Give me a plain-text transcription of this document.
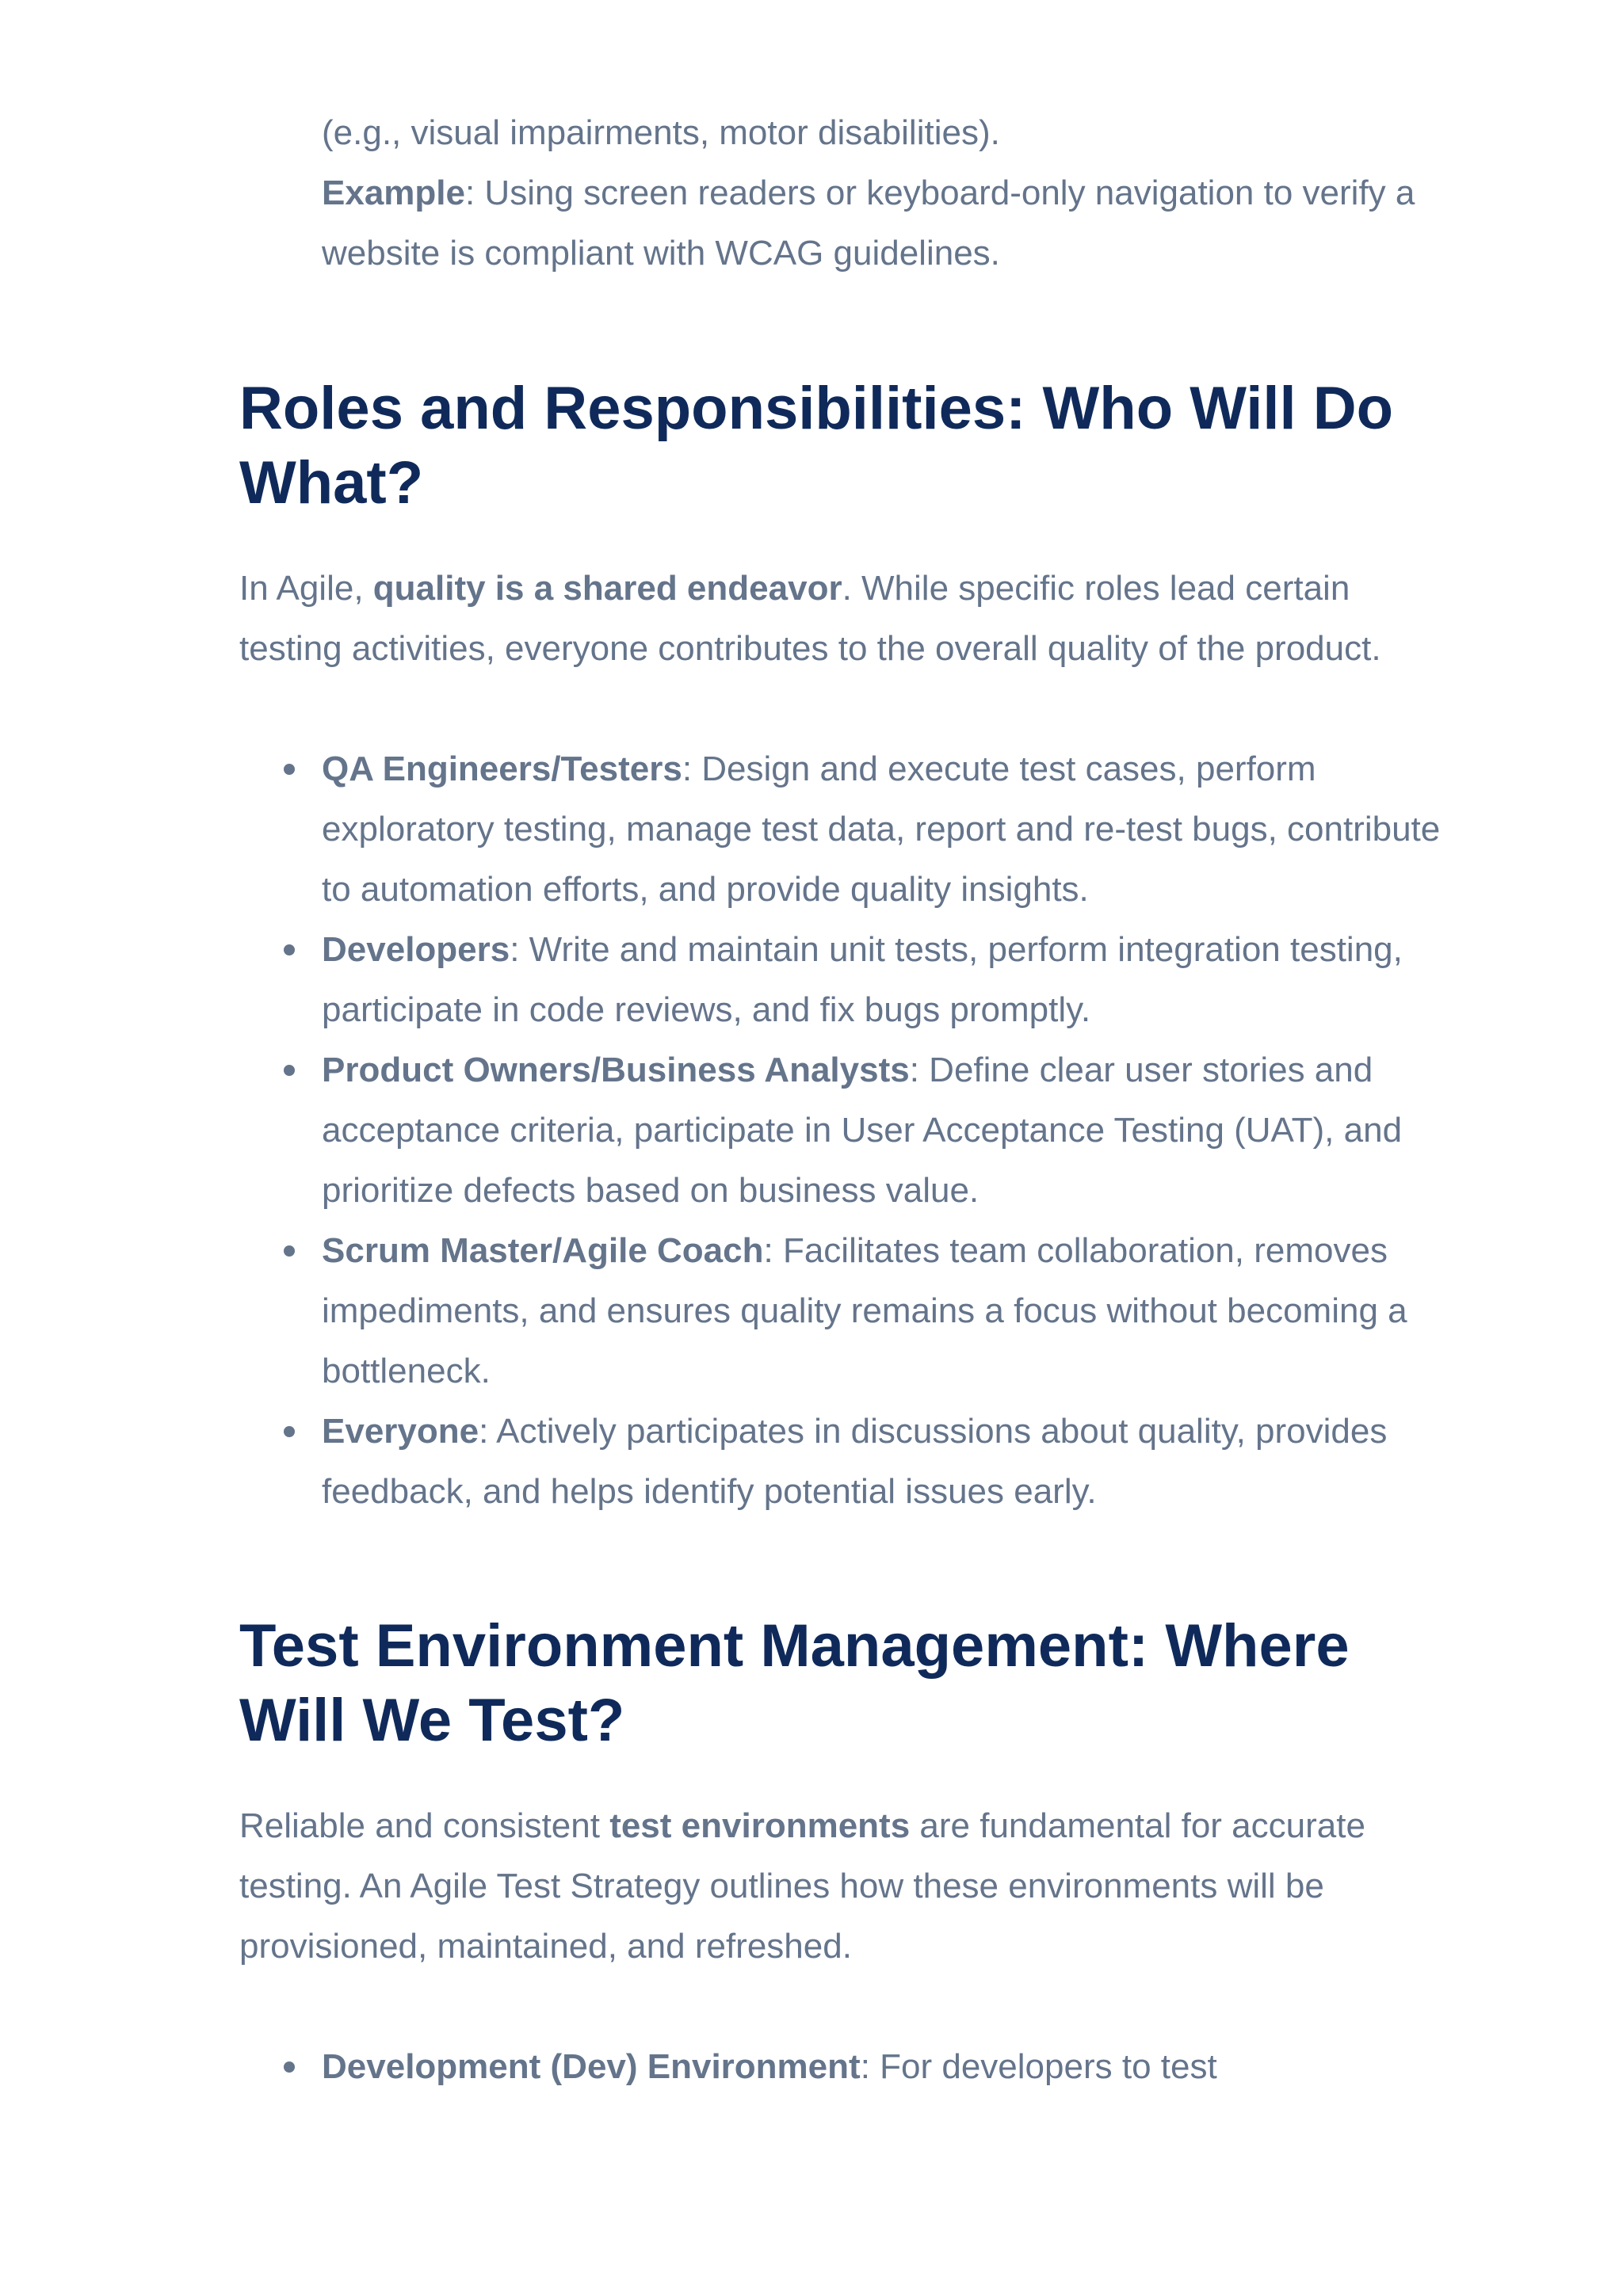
(e.g., visual impairments, motor disabilities).
Example: Using screen readers or keyboard-only navigation to verify a website is compliant with WCAG guidelines.

Roles and Responsibilities: Who Will Do What?

In Agile, quality is a shared endeavor. While specific roles lead certain testing activities, everyone contributes to the overall quality of the product.

QA Engineers/Testers: Design and execute test cases, perform exploratory testing, manage test data, report and re-test bugs, contribute to automation efforts, and provide quality insights.
Developers: Write and maintain unit tests, perform integration testing, participate in code reviews, and fix bugs promptly.
Product Owners/Business Analysts: Define clear user stories and acceptance criteria, participate in User Acceptance Testing (UAT), and prioritize defects based on business value.
Scrum Master/Agile Coach: Facilitates team collaboration, removes impediments, and ensures quality remains a focus without becoming a bottleneck.
Everyone: Actively participates in discussions about quality, provides feedback, and helps identify potential issues early.
Test Environment Management: Where Will We Test?

Reliable and consistent test environments are fundamental for accurate testing. An Agile Test Strategy outlines how these environments will be provisioned, maintained, and refreshed.

Development (Dev) Environment: For developers to test
